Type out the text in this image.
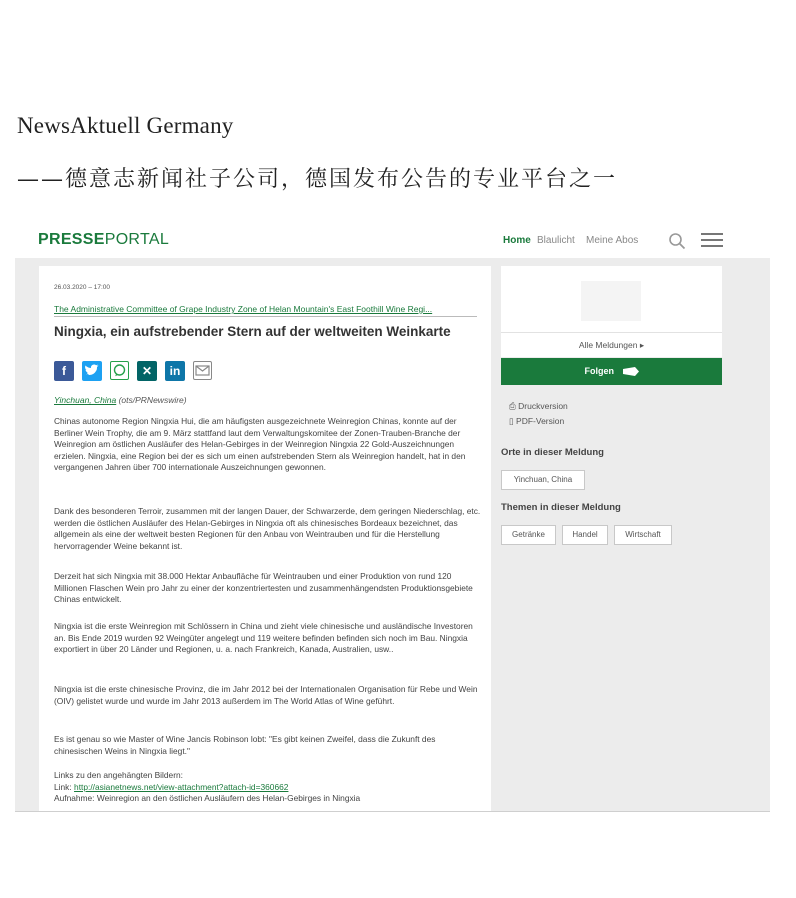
NewsAktuell Germany
——德意志新闻社子公司，德国发布公告的专业平台之一
PRESSEPORTAL	Home Blaulicht Meine Abos
26.03.2020 – 17:00
The Administrative Committee of Grape Industry Zone of Helan Mountain's East Foothill Wine Regi...
Ningxia, ein aufstrebender Stern auf der weltweiten Weinkarte
f	✕	in
Yinchuan, China (ots/PRNewswire)
Chinas autonome Region Ningxia Hui, die am häufigsten ausgezeichnete Weinregion Chinas, konnte auf der Berliner Wein Trophy, die am 9. März stattfand laut dem Verwaltungskomitee der Zonen-Trauben-Branche der Weinregion am östlichen Ausläufer des Helan-Gebirges in der Weinregion Ningxia 22 Gold-Auszeichnungen erzielen. Ningxia, eine Region bei der es sich um einen aufstrebenden Stern als Weinregion handelt, hat in den vergangenen Jahren über 700 internationale Auszeichnungen gewonnen.
Dank des besonderen Terroir, zusammen mit der langen Dauer, der Schwarzerde, dem geringen Niederschlag, etc. werden die östlichen Ausläufer des Helan-Gebirges in Ningxia oft als chinesisches Bordeaux bezeichnet, das allgemein als eine der weltweit besten Regionen für den Anbau von Weintrauben und für die Herstellung hervorragender Weine bekannt ist.
Derzeit hat sich Ningxia mit 38.000 Hektar Anbaufläche für Weintrauben und einer Produktion von rund 120 Millionen Flaschen Wein pro Jahr zu einer der konzentriertesten und zusammenhängendsten Produktionsgebiete Chinas entwickelt.
Ningxia ist die erste Weinregion mit Schlössern in China und zieht viele chinesische und ausländische Investoren an. Bis Ende 2019 wurden 92 Weingüter angelegt und 119 weitere befinden befinden sich noch im Bau. Ningxia exportiert in über 20 Länder und Regionen, u. a. nach Frankreich, Kanada, Australien, usw..
Ningxia ist die erste chinesische Provinz, die im Jahr 2012 bei der Internationalen Organisation für Rebe und Wein (OIV) gelistet wurde und wurde im Jahr 2013 außerdem im The World Atlas of Wine geführt.
Es ist genau so wie Master of Wine Jancis Robinson lobt: "Es gibt keinen Zweifel, dass die Zukunft des chinesischen Weins in Ningxia liegt."
Links zu den angehängten Bildern:
Link: http://asianetnews.net/view-attachment?attach-id=360662
Aufnahme: Weinregion an den östlichen Ausläufern des Helan-Gebirges in Ningxia
Alle Meldungen ▸
Folgen
⎙ Druckversion
▯ PDF-Version
Orte in dieser Meldung
Yinchuan, China
Themen in dieser Meldung
Getränke	Handel	Wirtschaft
